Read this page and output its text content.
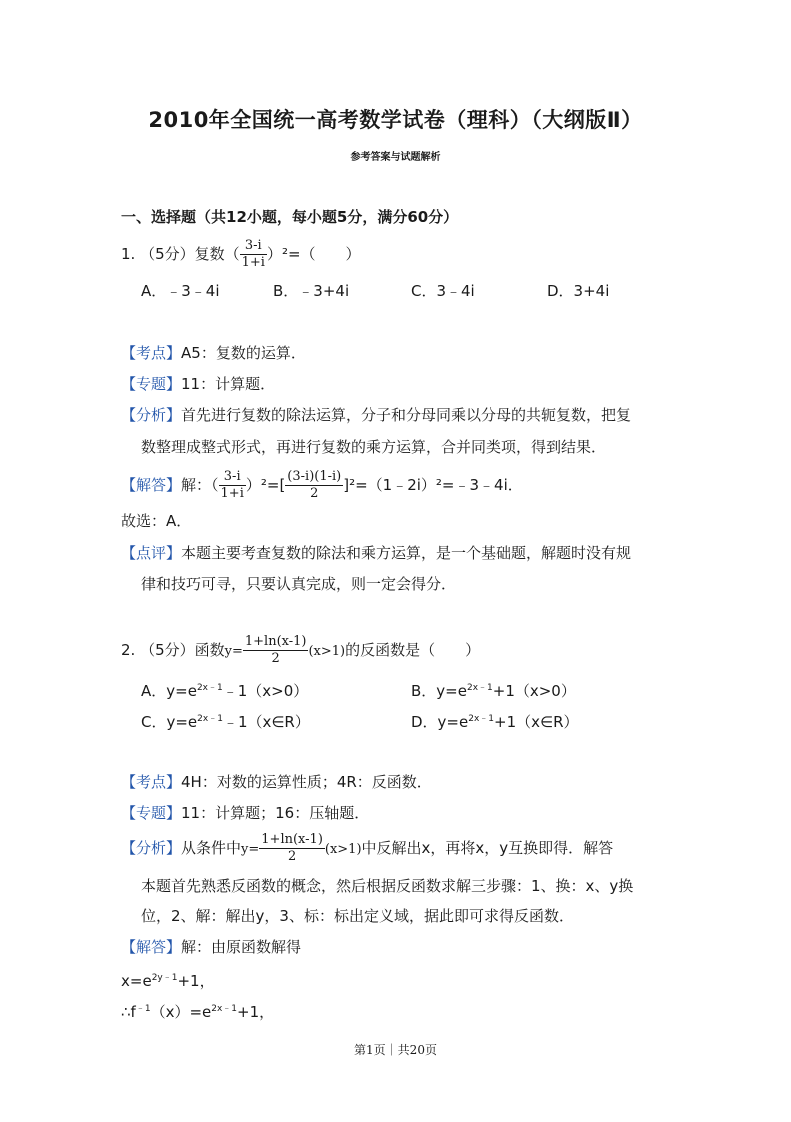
2010年全国统一高考数学试卷（理科）（大纲版Ⅱ）
参考答案与试题解析
一、选择题（共12小题，每小题5分，满分60分）
1. （5分）复数（ $\frac{3-i}{1+i} )^2=$（　　）
A．﹣3﹣4i	B．﹣3+4i	C．3﹣4i	D．3+4i
【考点】A5：复数的运算．
【专题】11：计算题．
【分析】首先进行复数的除法运算，分子和分母同乘以分母的共轭复数，把复
数整理成整式形式，再进行复数的乘方运算，合并同类项，得到结果．
【解答】解：（ $\frac{3-i}{1+i} )^2=[ \frac{(3-i)(1-i)}{2}$ ]²=（1﹣2i）²=﹣3﹣4i．
故选：A．
【点评】本题主要考查复数的除法和乘方运算，是一个基础题，解题时没有规
律和技巧可寻，只要认真完成，则一定会得分．
2. （5分）函数$y= \frac{1+\ln(x-1)}{2} (x>1)$的反函数是（　　）
A．$y=e^{2x﹣1}﹣1(x>0)$	B．$y=e^{2x﹣1}+1(x>0)$
C．$y=e^{2x﹣1}﹣1(x\in R)$	D．$y=e^{2x﹣1}+1(x\in R)$
【考点】4H：对数的运算性质；4R：反函数．
【专题】11：计算题；16：压轴题．
【分析】从条件中$y= \frac{1+\ln(x-1)}{2} (x>1)$中反解出x，再将x，y互换即得．解答
本题首先熟悉反函数的概念，然后根据反函数求解三步骤：1、换：x、y换
位，2、解：解出y，3、标：标出定义域，据此即可求得反函数．
【解答】解：由原函数解得
$x=e^{2y﹣1}+1$，
$\therefore f^{﹣1}(x)=e^{2x﹣1}+1$，
第1页｜共20页
